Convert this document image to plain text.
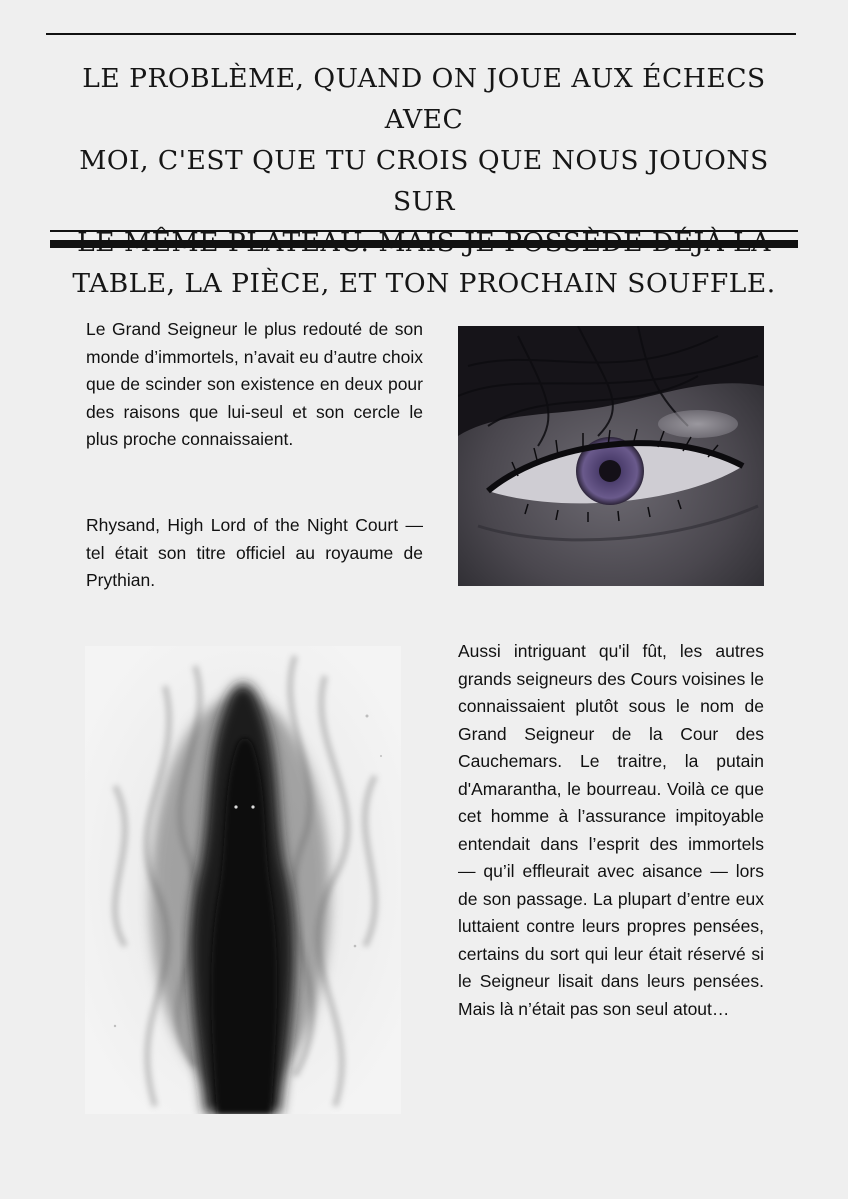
LE PROBLÈME, QUAND ON JOUE AUX ÉCHECS AVEC
MOI, C'EST QUE TU CROIS QUE NOUS JOUONS SUR

TABLE, LA PIÈCE, ET TON PROCHAIN SOUFFLE.

Le Grand Seigneur le plus redouté de son monde d’immortels, n’avait eu d’autre choix que de scinder son existence en deux pour des raisons que lui-seul et son cercle le plus proche connaissaient.

Rhysand, High Lord of the Night Court — tel était son titre officiel au royaume de Prythian.

Aussi intriguant qu'il fût, les autres grands seigneurs des Cours voisines le connaissaient plutôt sous le nom de Grand Seigneur de la Cour des Cauchemars. Le traitre, la putain d'Amarantha, le bourreau. Voilà ce que cet homme à l’assurance impitoyable entendait dans l’esprit des immortels — qu’il effleurait avec aisance — lors de son passage. La plupart d’entre eux luttaient contre leurs propres pensées, certains du sort qui leur était réservé si le Seigneur lisait dans leurs pensées. Mais là n’était pas son seul atout…
